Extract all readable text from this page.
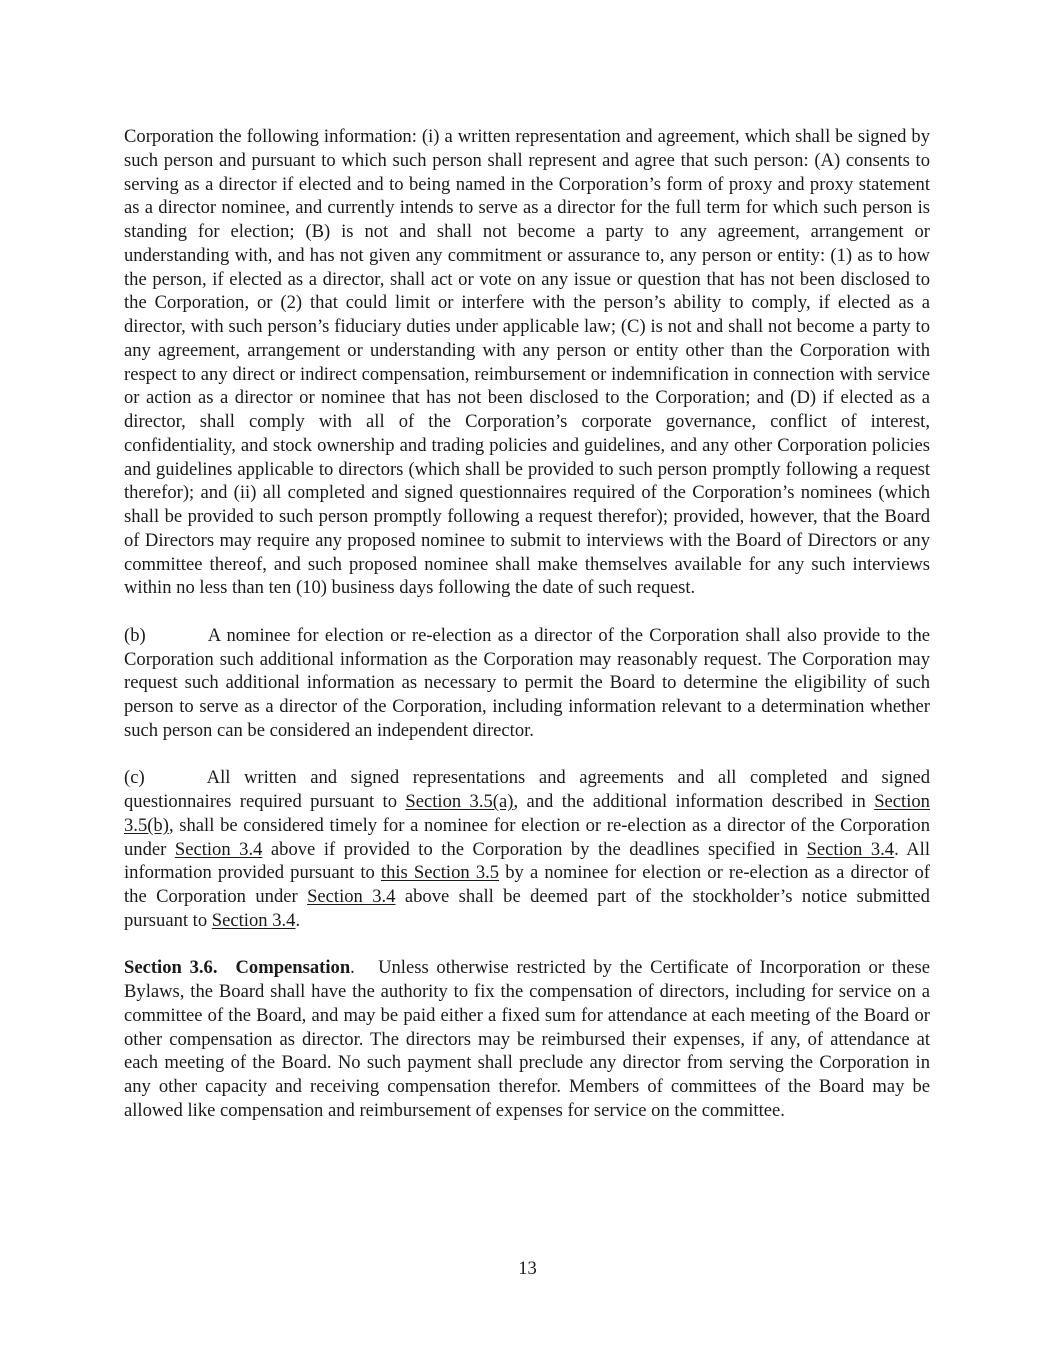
Corporation the following information: (i) a written representation and agreement, which shall be signed by such person and pursuant to which such person shall represent and agree that such person: (A) consents to serving as a director if elected and to being named in the Corporation’s form of proxy and proxy statement as a director nominee, and currently intends to serve as a director for the full term for which such person is standing for election; (B) is not and shall not become a party to any agreement, arrangement or understanding with, and has not given any commitment or assurance to, any person or entity: (1) as to how the person, if elected as a director, shall act or vote on any issue or question that has not been disclosed to the Corporation, or (2) that could limit or interfere with the person’s ability to comply, if elected as a director, with such person’s fiduciary duties under applicable law; (C) is not and shall not become a party to any agreement, arrangement or understanding with any person or entity other than the Corporation with respect to any direct or indirect compensation, reimbursement or indemnification in connection with service or action as a director or nominee that has not been disclosed to the Corporation; and (D) if elected as a director, shall comply with all of the Corporation’s corporate governance, conflict of interest, confidentiality, and stock ownership and trading policies and guidelines, and any other Corporation policies and guidelines applicable to directors (which shall be provided to such person promptly following a request therefor); and (ii) all completed and signed questionnaires required of the Corporation’s nominees (which shall be provided to such person promptly following a request therefor); provided, however, that the Board of Directors may require any proposed nominee to submit to interviews with the Board of Directors or any committee thereof, and such proposed nominee shall make themselves available for any such interviews within no less than ten (10) business days following the date of such request.

(b)	A nominee for election or re-election as a director of the Corporation shall also provide to the Corporation such additional information as the Corporation may reasonably request. The Corporation may request such additional information as necessary to permit the Board to determine the eligibility of such person to serve as a director of the Corporation, including information relevant to a determination whether such person can be considered an independent director.

(c)	All written and signed representations and agreements and all completed and signed questionnaires required pursuant to Section 3.5(a), and the additional information described in Section 3.5(b), shall be considered timely for a nominee for election or re-election as a director of the Corporation under Section 3.4 above if provided to the Corporation by the deadlines specified in Section 3.4. All information provided pursuant to this Section 3.5 by a nominee for election or re-election as a director of the Corporation under Section 3.4 above shall be deemed part of the stockholder’s notice submitted pursuant to Section 3.4.

Section 3.6. Compensation. Unless otherwise restricted by the Certificate of Incorporation or these Bylaws, the Board shall have the authority to fix the compensation of directors, including for service on a committee of the Board, and may be paid either a fixed sum for attendance at each meeting of the Board or other compensation as director. The directors may be reimbursed their expenses, if any, of attendance at each meeting of the Board. No such payment shall preclude any director from serving the Corporation in any other capacity and receiving compensation therefor. Members of committees of the Board may be allowed like compensation and reimbursement of expenses for service on the committee.

13
